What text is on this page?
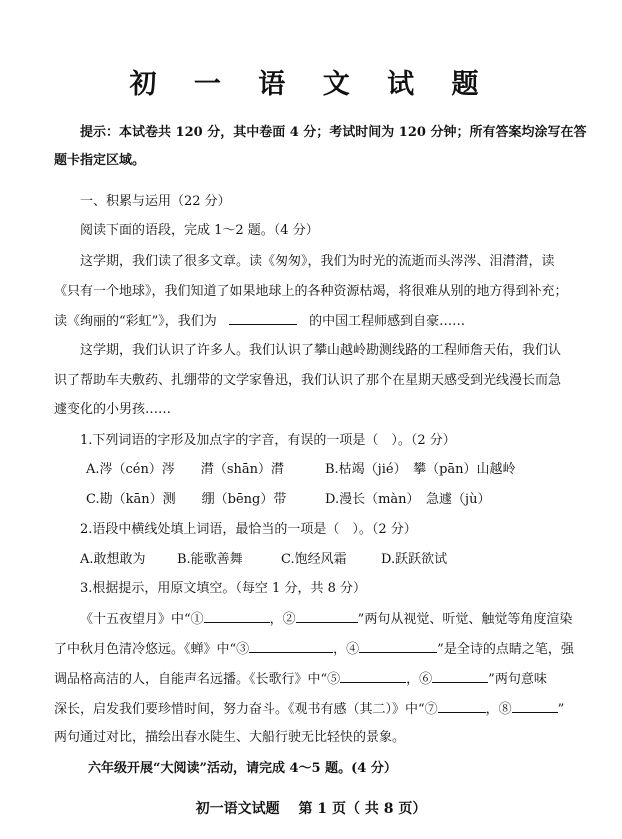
初 一 语 文 试 题
提示：本试卷共 120 分，其中卷面 4 分；考试时间为 120 分钟；所有答案均涂写在答
题卡指定区域。
一、积累与运用（22 分）
阅读下面的语段，完成 1～2 题。（4 分）
这学期，我们读了很多文章。读《匆匆》，我们为时光的流逝而头涔涔、泪潸潸，读
《只有一个地球》，我们知道了如果地球上的各种资源枯竭，将很难从别的地方得到补充；
读《绚丽的“彩虹”》，我们为	的中国工程师感到自豪……
这学期，我们认识了许多人。我们认识了攀山越岭勘测线路的工程师詹天佑，我们认
识了帮助车夫敷药、扎绷带的文学家鲁迅，我们认识了那个在星期天感受到光线漫长而急
遽变化的小男孩……
1.下列词语的字形及加点字的字音，有误的一项是（　）。（2 分）
A.涔（cén）涔　　潸（shān）潸	B.枯竭（jié）　攀（pān）山越岭
C.勘（kān）测　　绷（bēng）带	D.漫长（màn）　急遽（jù）
2.语段中横线处填上词语，最恰当的一项是（　）。（2 分）
A.敢想敢为 B.能歌善舞	C.饱经风霜	D.跃跃欲试
3.根据提示，用原文填空。（每空 1 分，共 8 分）
《十五夜望月》中“①	，②	”两句从视觉、听觉、触觉等角度渲染
了中秋月色清冷悠远。《蝉》中“③	，④	”是全诗的点睛之笔，强
调品格高洁的人，自能声名远播。《长歌行》中“⑤	，⑥	”两句意味
深长，启发我们要珍惜时间，努力奋斗。《观书有感（其二）》中“⑦	，⑧	”
两句通过对比，描绘出春水陡生、大船行驶无比轻快的景象。
六年级开展“大阅读”活动，请完成 4～5 题。(4 分）
初一语文试题　 第 1 页（ 共 8 页）
